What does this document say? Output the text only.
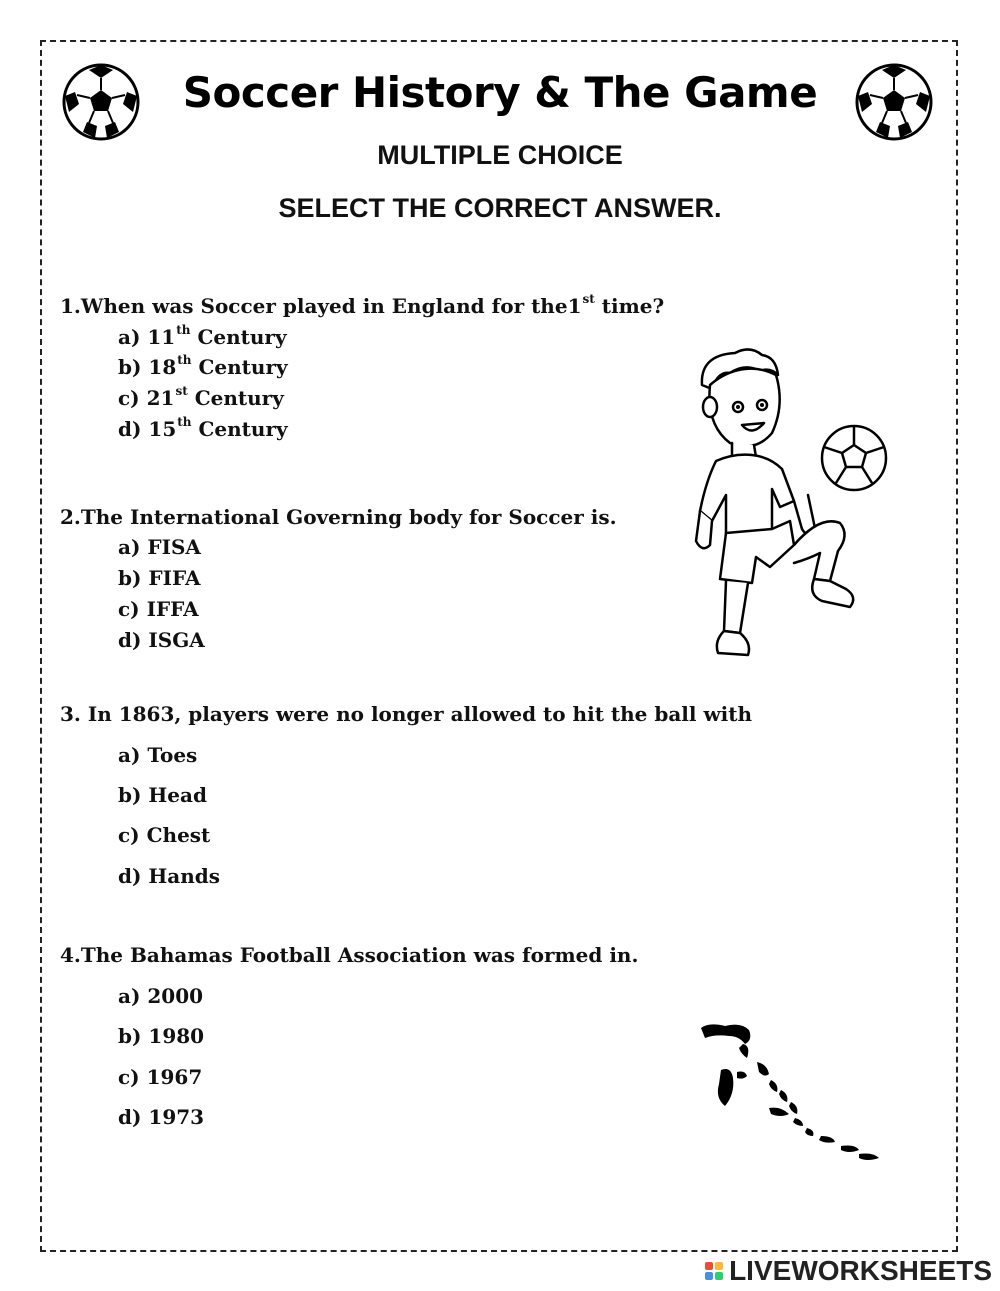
Soccer History & The Game
MULTIPLE CHOICE
SELECT THE CORRECT ANSWER.
1.When was Soccer played in England for the1st time?
a) 11th Century
b) 18th Century
c) 21st Century
d) 15th Century
2.The International Governing body for Soccer is.
a) FISA
b) FIFA
c) IFFA
d) ISGA
3. In 1863, players were no longer allowed to hit the ball with
a) Toes
b) Head
c) Chest
d) Hands
4.The Bahamas Football Association was formed in.
a) 2000
b) 1980
c) 1967
d) 1973
LIVEWORKSHEETS
